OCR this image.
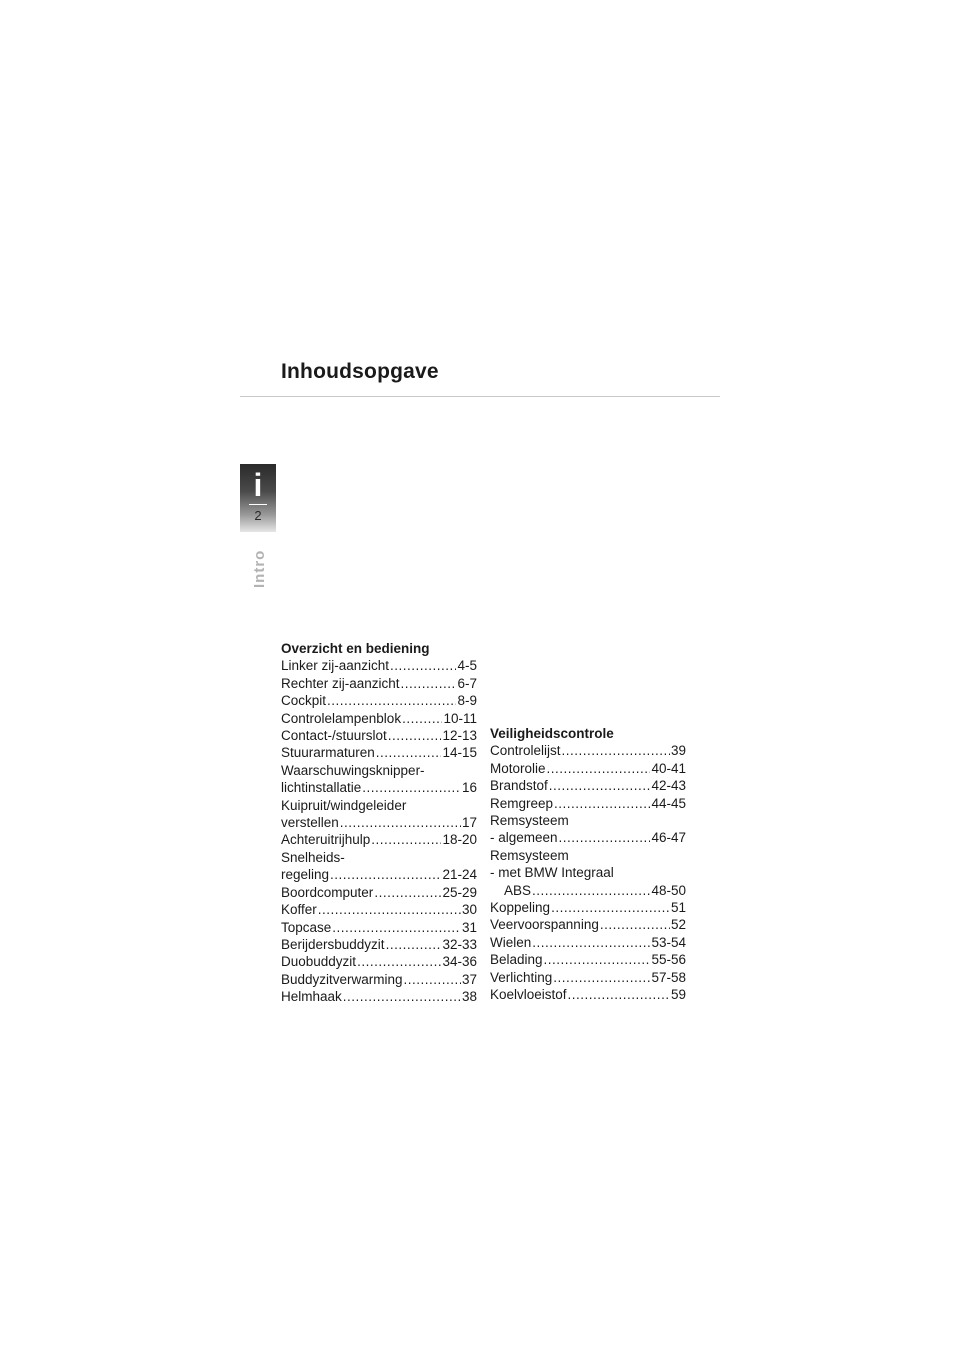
Inhoudsopgave
i
2
Intro
Overzicht en bediening
Linker zij-aanzicht .....	4-5
Rechter zij-aanzicht .....	6-7
Cockpit .....	8-9
Controlelampenblok .....	10-11
Contact-/stuurslot .....	12-13
Stuurarmaturen .....	14-15
Waarschuwingsknipper-
lichtinstallatie .....	16
Kuipruit/windgeleider
verstellen .....	17
Achteruitrijhulp .....	18-20
Snelheids-
regeling .....	21-24
Boordcomputer .....	25-29
Koffer .....	30
Topcase .....	31
Berijdersbuddyzit .....	32-33
Duobuddyzit .....	34-36
Buddyzitverwarming .....	37
Helmhaak .....	38
Veiligheidscontrole
Controlelijst .....	39
Motorolie .....	40-41
Brandstof .....	42-43
Remgreep .....	44-45
Remsysteem
- algemeen .....	46-47
Remsysteem
- met BMW Integraal
ABS .....	48-50
Koppeling .....	51
Veervoorspanning .....	52
Wielen .....	53-54
Belading .....	55-56
Verlichting .....	57-58
Koelvloeistof .....	59
